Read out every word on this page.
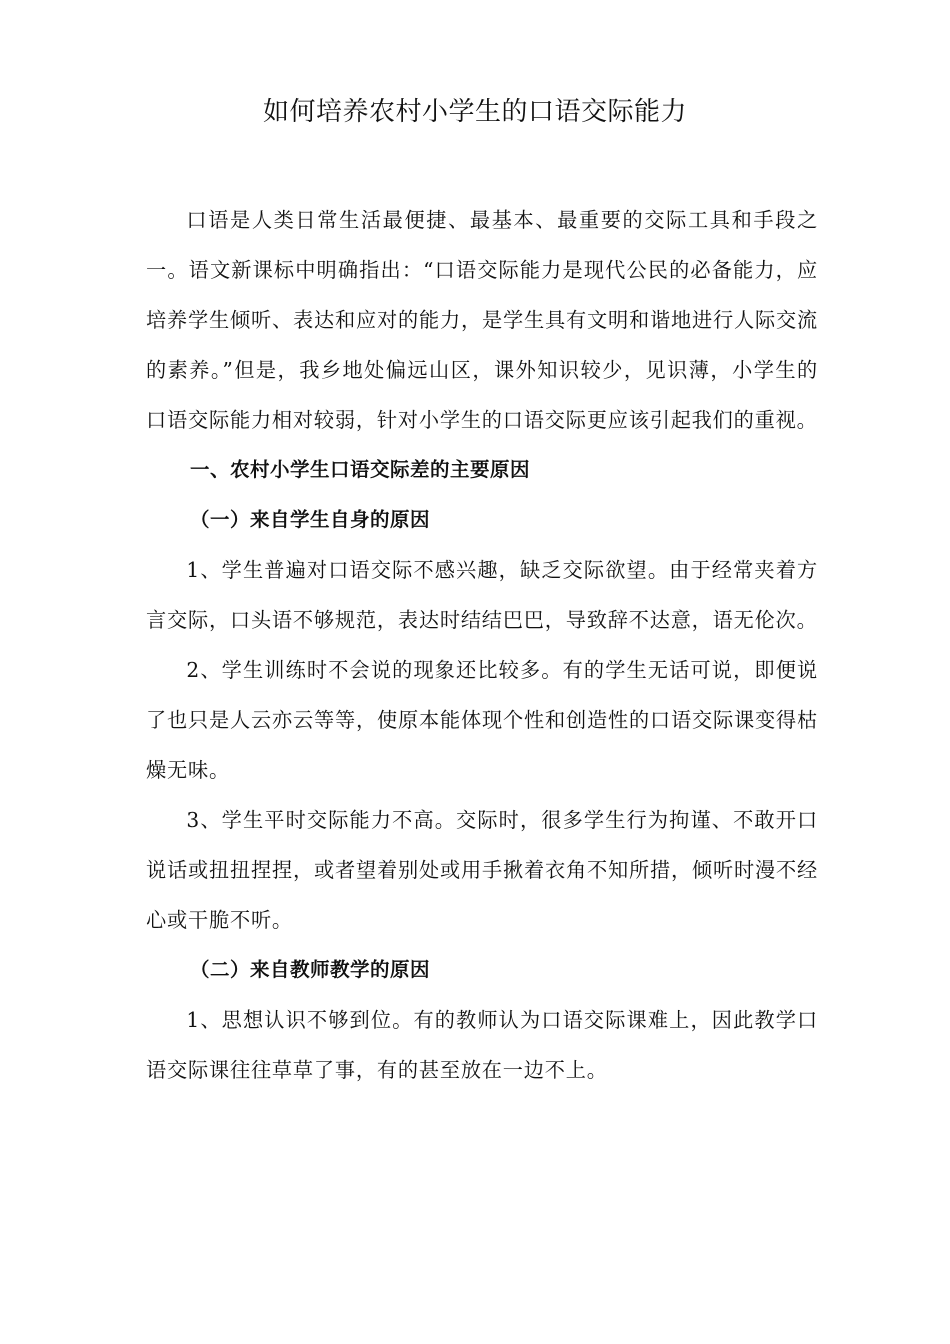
如何培养农村小学生的口语交际能力

口语是人类日常生活最便捷、最基本、最重要的交际工具和手段之一。语文新课标中明确指出：“口语交际能力是现代公民的必备能力，应培养学生倾听、表达和应对的能力，是学生具有文明和谐地进行人际交流的素养。”但是，我乡地处偏远山区，课外知识较少，见识薄，小学生的口语交际能力相对较弱，针对小学生的口语交际更应该引起我们的重视。

一、农村小学生口语交际差的主要原因

（一）来自学生自身的原因

1、学生普遍对口语交际不感兴趣，缺乏交际欲望。由于经常夹着方言交际，口头语不够规范，表达时结结巴巴，导致辞不达意，语无伦次。

2、学生训练时不会说的现象还比较多。有的学生无话可说，即便说了也只是人云亦云等等，使原本能体现个性和创造性的口语交际课变得枯燥无味。

3、学生平时交际能力不高。交际时，很多学生行为拘谨、不敢开口说话或扭扭捏捏，或者望着别处或用手揪着衣角不知所措，倾听时漫不经心或干脆不听。

（二）来自教师教学的原因

1、思想认识不够到位。有的教师认为口语交际课难上，因此教学口语交际课往往草草了事，有的甚至放在一边不上。
